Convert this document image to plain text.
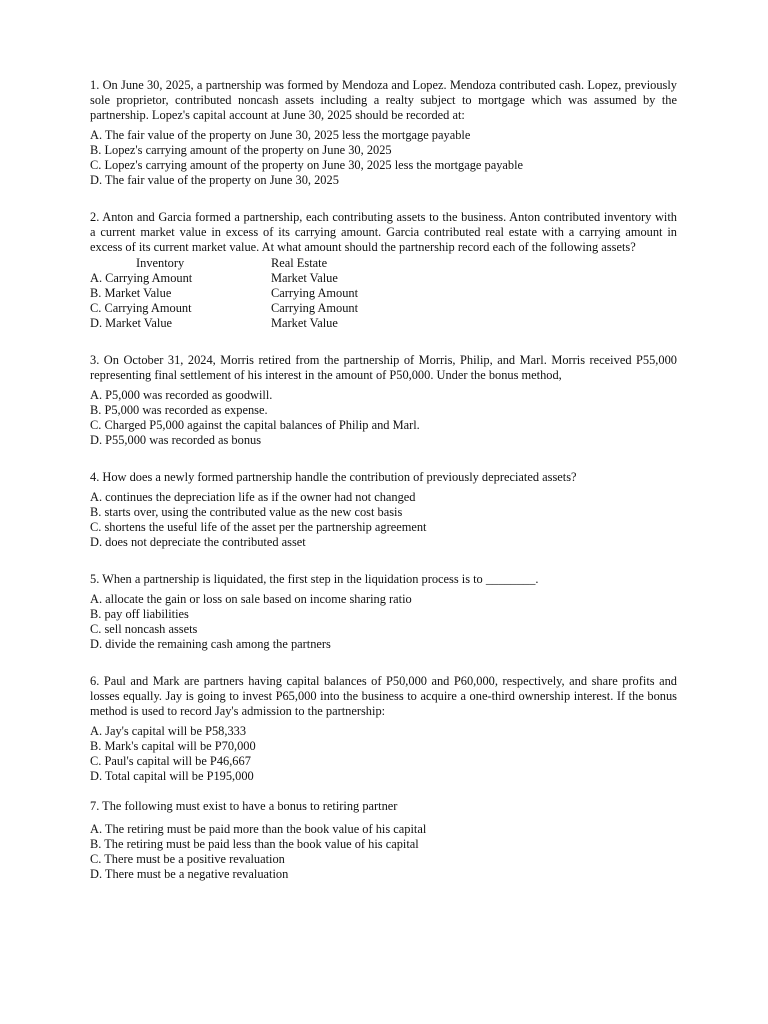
1. On June 30, 2025, a partnership was formed by Mendoza and Lopez. Mendoza contributed cash. Lopez, previously sole proprietor, contributed noncash assets including a realty subject to mortgage which was assumed by the partnership. Lopez's capital account at June 30, 2025 should be recorded at:

A. The fair value of the property on June 30, 2025 less the mortgage payable

B. Lopez's carrying amount of the property on June 30, 2025

C. Lopez's carrying amount of the property on June 30, 2025 less the mortgage payable

D. The fair value of the property on June 30, 2025

2. Anton and Garcia formed a partnership, each contributing assets to the business. Anton contributed inventory with a current market value in excess of its carrying amount. Garcia contributed real estate with a carrying amount in excess of its current market value. At what amount should the partnership record each of the following assets?

Inventory	Real Estate
A. Carrying Amount	Market Value
B. Market Value	Carrying Amount
C. Carrying Amount	Carrying Amount
D. Market Value	Market Value

3. On October 31, 2024, Morris retired from the partnership of Morris, Philip, and Marl. Morris received P55,000 representing final settlement of his interest in the amount of P50,000. Under the bonus method,

A. P5,000 was recorded as goodwill.

B. P5,000 was recorded as expense.

C. Charged P5,000 against the capital balances of Philip and Marl.

D. P55,000 was recorded as bonus

4. How does a newly formed partnership handle the contribution of previously depreciated assets?

A. continues the depreciation life as if the owner had not changed

B. starts over, using the contributed value as the new cost basis

C. shortens the useful life of the asset per the partnership agreement

D. does not depreciate the contributed asset

5. When a partnership is liquidated, the first step in the liquidation process is to ________.

A. allocate the gain or loss on sale based on income sharing ratio

B. pay off liabilities

C. sell noncash assets

D. divide the remaining cash among the partners

6. Paul and Mark are partners having capital balances of P50,000 and P60,000, respectively, and share profits and losses equally. Jay is going to invest P65,000 into the business to acquire a one-third ownership interest. If the bonus method is used to record Jay's admission to the partnership:

A. Jay's capital will be P58,333

B. Mark's capital will be P70,000

C. Paul's capital will be P46,667

D. Total capital will be P195,000

7. The following must exist to have a bonus to retiring partner

A. The retiring must be paid more than the book value of his capital

B. The retiring must be paid less than the book value of his capital

C. There must be a positive revaluation

D. There must be a negative revaluation
